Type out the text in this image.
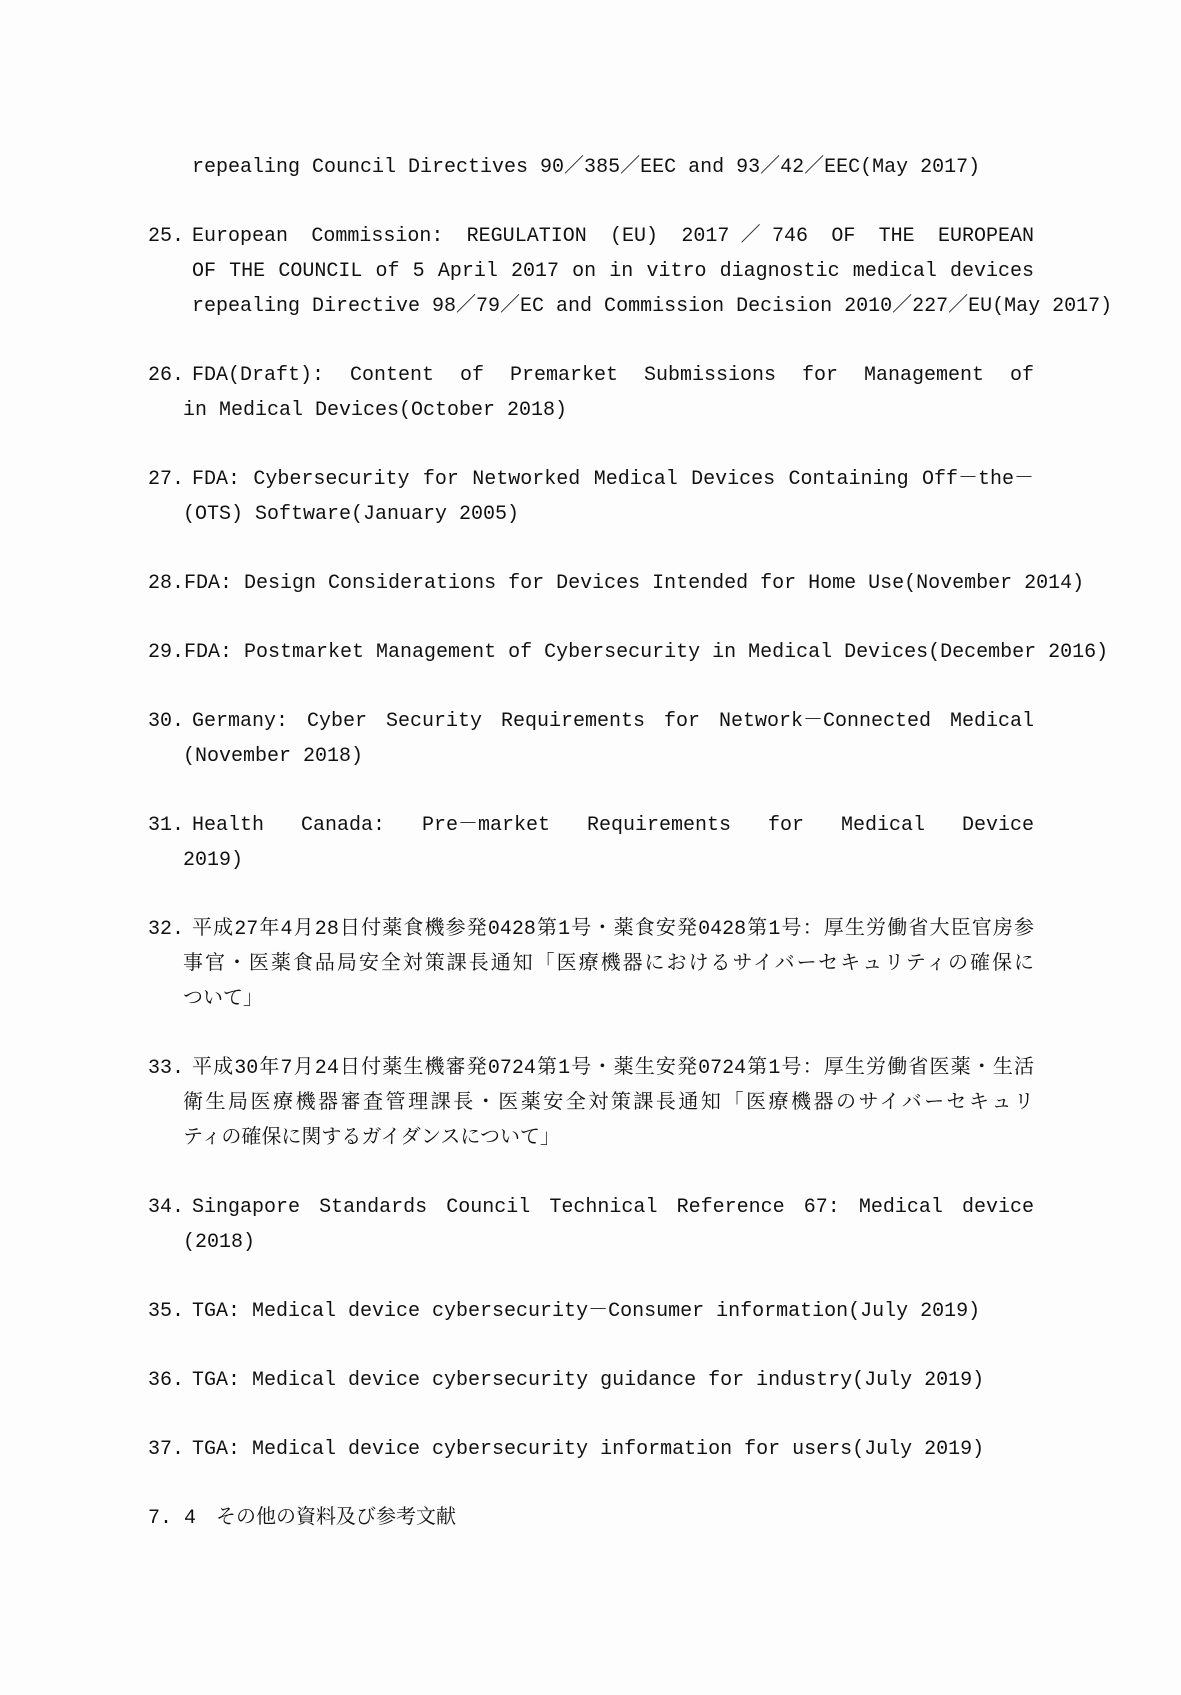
repealing Council Directives 90／385／EEC and 93／42／EEC(May 2017)
25. European Commission: REGULATION (EU) 2017／746 OF THE EUROPEAN
OF THE COUNCIL of 5 April 2017 on in vitro diagnostic medical devices
repealing Directive 98／79／EC and Commission Decision 2010／227／EU(May 2017)
26. FDA(Draft): Content of Premarket Submissions for Management of
in Medical Devices(October 2018)
27. FDA: Cybersecurity for Networked Medical Devices Containing Off－the－
(OTS) Software(January 2005)
28. FDA: Design Considerations for Devices Intended for Home Use(November 2014)
29. FDA: Postmarket Management of Cybersecurity in Medical Devices(December 2016)
30. Germany: Cyber Security Requirements for Network－Connected Medical
(November 2018)
31. Health Canada: Pre－market Requirements for Medical Device
2019)
32. 平成27年4月28日付薬食機参発0428第1号・薬食安発0428第1号：厚生労働省大臣官房参
事官・医薬食品局安全対策課長通知「医療機器におけるサイバーセキュリティの確保に
ついて」
33. 平成30年7月24日付薬生機審発0724第1号・薬生安発0724第1号：厚生労働省医薬・生活
衛生局医療機器審査管理課長・医薬安全対策課長通知「医療機器のサイバーセキュリ
ティの確保に関するガイダンスについて」
34. Singapore Standards Council Technical Reference 67: Medical device
(2018)
35. TGA: Medical device cybersecurity－Consumer information(July 2019)
36. TGA: Medical device cybersecurity guidance for industry(July 2019)
37. TGA: Medical device cybersecurity information for users(July 2019)
7. 4　その他の資料及び参考文献
